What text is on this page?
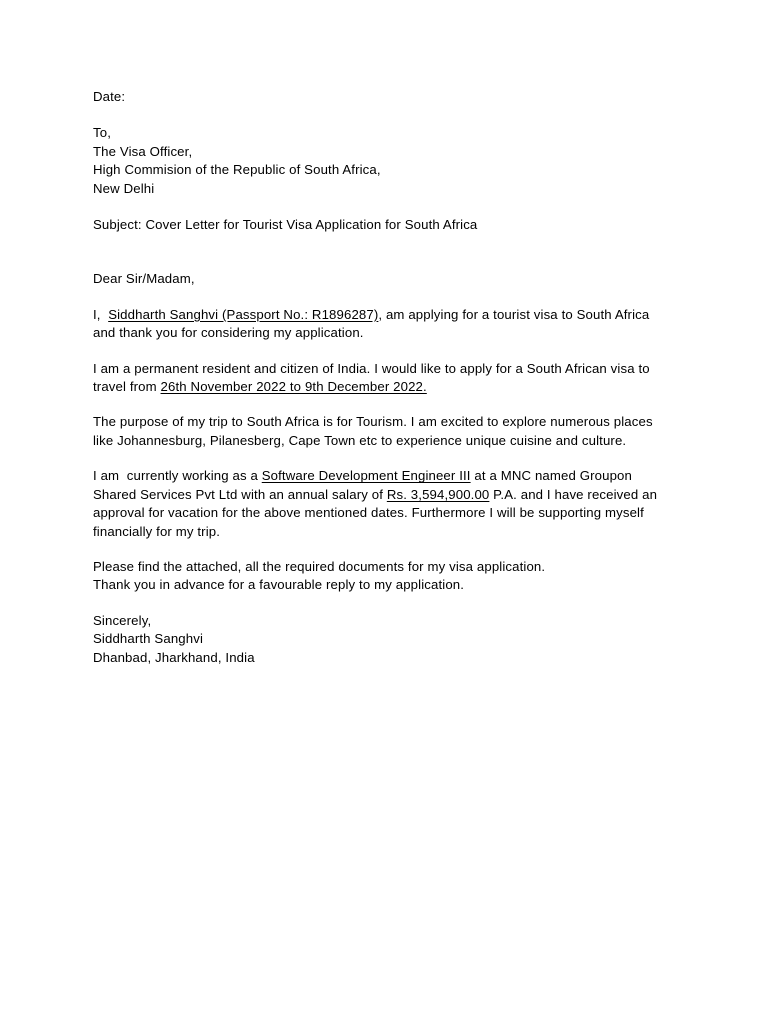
Date:
To,
The Visa Officer,
High Commision of the Republic of South Africa,
New Delhi
Subject: Cover Letter for Tourist Visa Application for South Africa
Dear Sir/Madam,

I,  Siddharth Sanghvi (Passport No.: R1896287), am applying for a tourist visa to South Africa and thank you for considering my application.

I am a permanent resident and citizen of India. I would like to apply for a South African visa to travel from 26th November 2022 to 9th December 2022.

The purpose of my trip to South Africa is for Tourism. I am excited to explore numerous places like Johannesburg, Pilanesberg, Cape Town etc to experience unique cuisine and culture.

I am  currently working as a Software Development Engineer III at a MNC named Groupon Shared Services Pvt Ltd with an annual salary of Rs. 3,594,900.00 P.A. and I have received an approval for vacation for the above mentioned dates. Furthermore I will be supporting myself financially for my trip.

Please find the attached, all the required documents for my visa application.
Thank you in advance for a favourable reply to my application.
Sincerely,
Siddharth Sanghvi
Dhanbad, Jharkhand, India
